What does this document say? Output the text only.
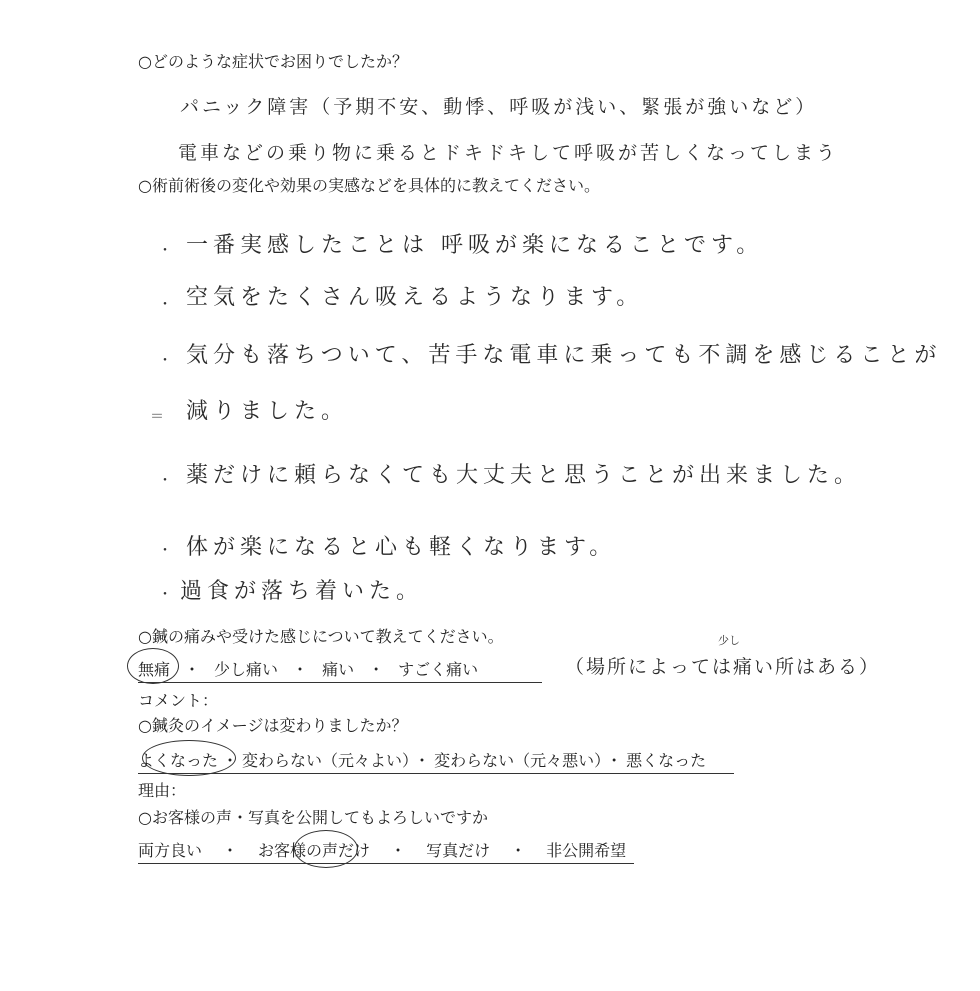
○どのような症状でお困りでしたか？
パニック障害（予期不安、動悸、呼吸が浅い、緊張が強いなど）
電車などの乗り物に乗るとドキドキして呼吸が苦しくなってしまう
○術前術後の変化や効果の実感などを具体的に教えてください。
・ 一番実感したことは 呼吸が楽になることです。
・ 空気をたくさん吸えるようなります。
・ 気分も落ちついて、苦手な電車に乗っても不調を感じることが
＝ 減りました。
・ 薬だけに頼らなくても大丈夫と思うことが出来ました。
・ 体が楽になると心も軽くなります。
・ 過食が落ち着いた。
○鍼の痛みや受けた感じについて教えてください。
無痛 ・ 少し痛い ・ 痛い ・ すごく痛い	（場所によっては痛い所はある）
少し
コメント：
○鍼灸のイメージは変わりましたか？
よくなった ・ 変わらない（元々よい） ・ 変わらない（元々悪い） ・ 悪くなった
理由：
○お客様の声・写真を公開してもよろしいですか
両方良い ・ お客様の声だけ ・ 写真だけ ・ 非公開希望
